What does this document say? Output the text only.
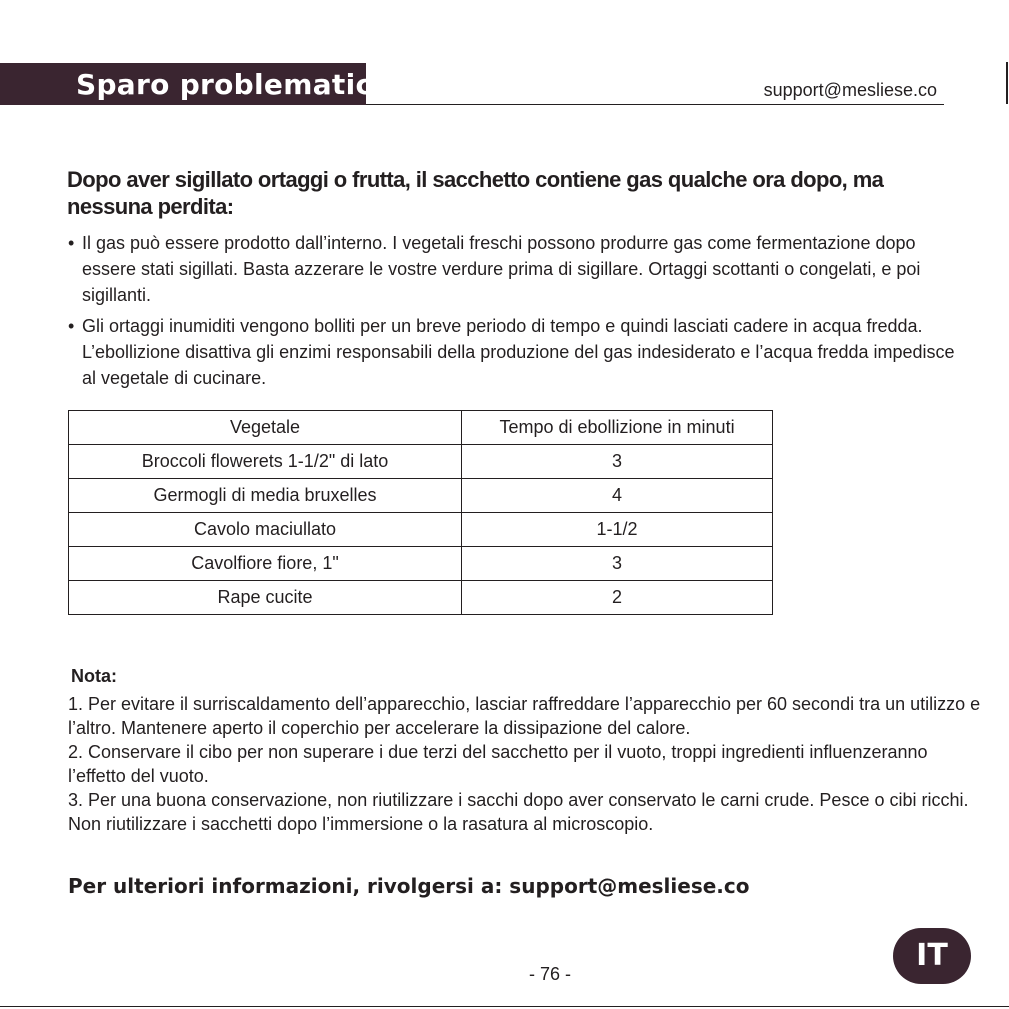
Sparo problematico	support@mesliese.co
Dopo aver sigillato ortaggi o frutta, il sacchetto contiene gas qualche ora dopo, ma nessuna perdita:
• Il gas può essere prodotto dall’interno. I vegetali freschi possono produrre gas come fermentazione dopo essere stati sigillati. Basta azzerare le vostre verdure prima di sigillare. Ortaggi scottanti o congelati, e poi sigillanti.
• Gli ortaggi inumiditi vengono bolliti per un breve periodo di tempo e quindi lasciati cadere in acqua fredda. L’ebollizione disattiva gli enzimi responsabili della produzione del gas indesiderato e l’acqua fredda impedisce al vegetale di cucinare.
Vegetale	Tempo di ebollizione in minuti
Broccoli flowerets 1-1/2" di lato	3
Germogli di media bruxelles	4
Cavolo maciullato	1-1/2
Cavolfiore fiore, 1"	3
Rape cucite	2
Nota:

1. Per evitare il surriscaldamento dell’apparecchio, lasciar raffreddare l’apparecchio per 60 secondi tra un utilizzo e l’altro. Mantenere aperto il coperchio per accelerare la dissipazione del calore.

2. Conservare il cibo per non superare i due terzi del sacchetto per il vuoto, troppi ingredienti influenzeranno l’effetto del vuoto.

3. Per una buona conservazione, non riutilizzare i sacchi dopo aver conservato le carni crude. Pesce o cibi ricchi. Non riutilizzare i sacchetti dopo l’immersione o la rasatura al microscopio.

Per ulteriori informazioni, rivolgersi a: support@mesliese.co
- 76 -
IT
